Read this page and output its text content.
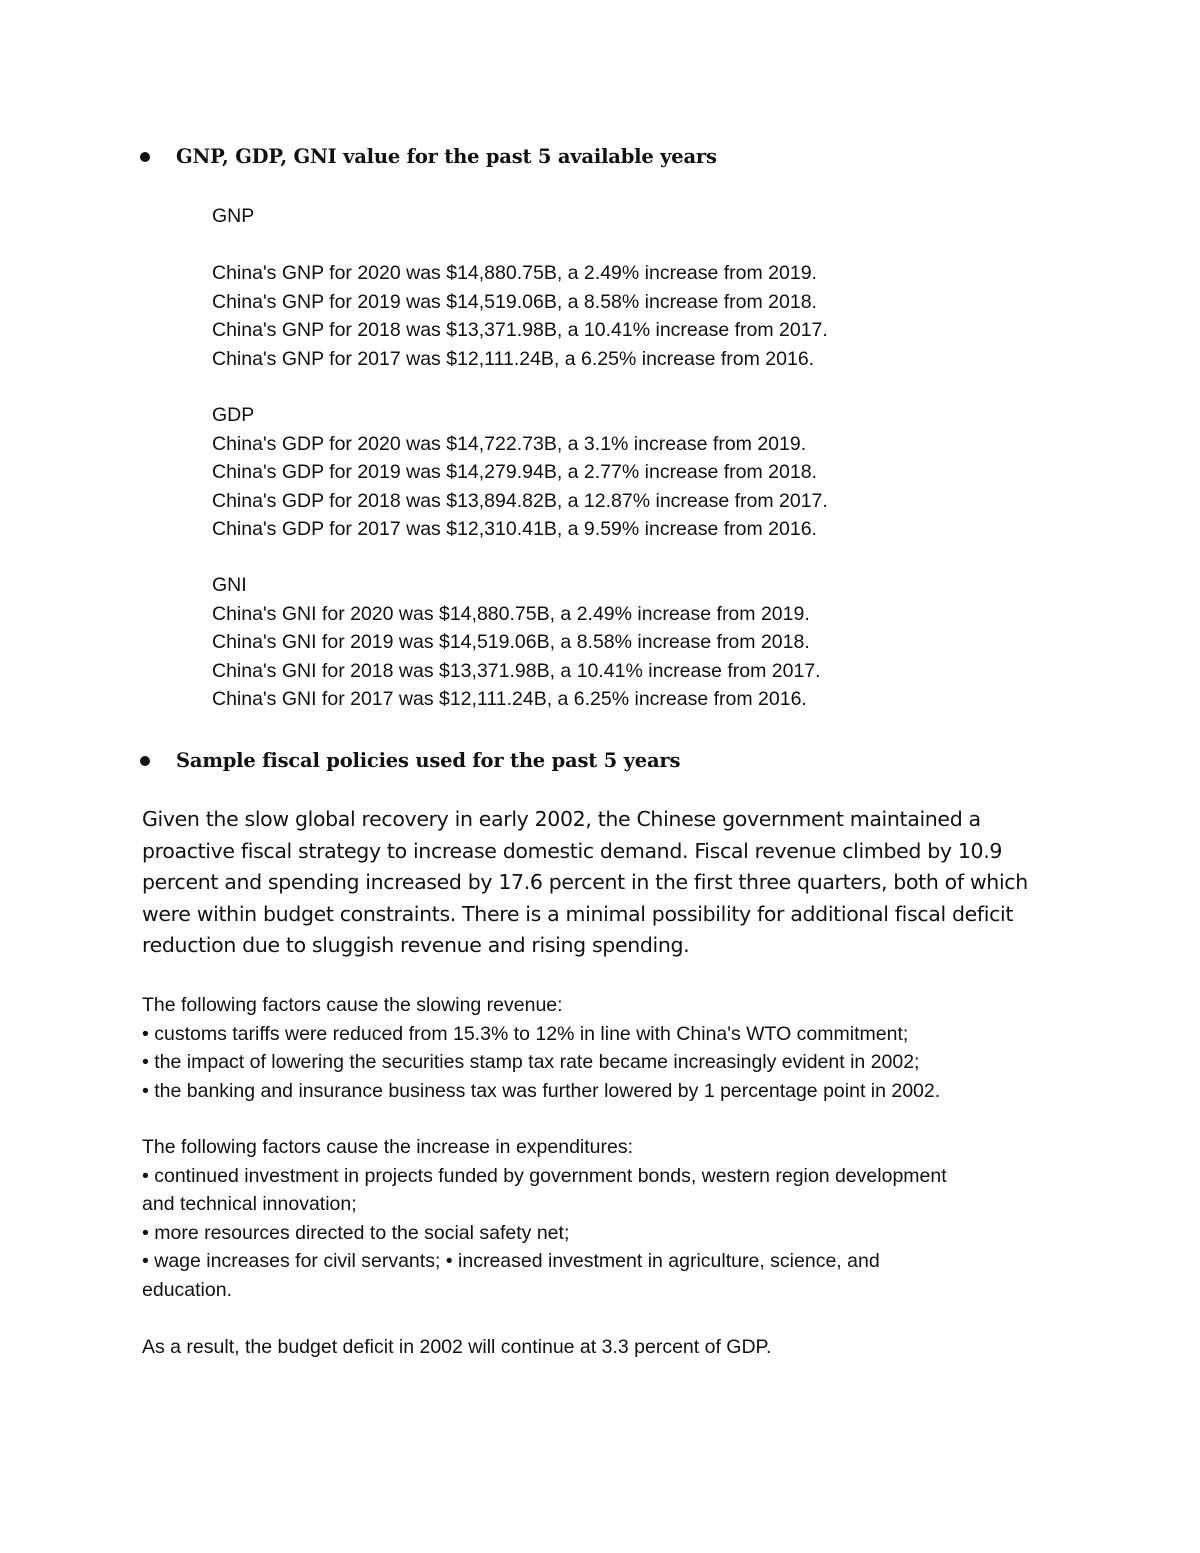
GNP, GDP, GNI value for the past 5 available years
GNP

China's GNP for 2020 was $14,880.75B, a 2.49% increase from 2019.
China's GNP for 2019 was $14,519.06B, a 8.58% increase from 2018.
China's GNP for 2018 was $13,371.98B, a 10.41% increase from 2017.
China's GNP for 2017 was $12,111.24B, a 6.25% increase from 2016.
GDP
China's GDP for 2020 was $14,722.73B, a 3.1% increase from 2019.
China's GDP for 2019 was $14,279.94B, a 2.77% increase from 2018.
China's GDP for 2018 was $13,894.82B, a 12.87% increase from 2017.
China's GDP for 2017 was $12,310.41B, a 9.59% increase from 2016.
GNI
China's GNI for 2020 was $14,880.75B, a 2.49% increase from 2019.
China's GNI for 2019 was $14,519.06B, a 8.58% increase from 2018.
China's GNI for 2018 was $13,371.98B, a 10.41% increase from 2017.
China's GNI for 2017 was $12,111.24B, a 6.25% increase from 2016.
Sample fiscal policies used for the past 5 years
Given the slow global recovery in early 2002, the Chinese government maintained a
proactive fiscal strategy to increase domestic demand. Fiscal revenue climbed by 10.9
percent and spending increased by 17.6 percent in the first three quarters, both of which
were within budget constraints. There is a minimal possibility for additional fiscal deficit
reduction due to sluggish revenue and rising spending.
The following factors cause the slowing revenue:
• customs tariffs were reduced from 15.3% to 12% in line with China's WTO commitment;
• the impact of lowering the securities stamp tax rate became increasingly evident in 2002;
• the banking and insurance business tax was further lowered by 1 percentage point in 2002.
The following factors cause the increase in expenditures:
• continued investment in projects funded by government bonds, western region development
and technical innovation;
• more resources directed to the social safety net;
• wage increases for civil servants; • increased investment in agriculture, science, and
education.
As a result, the budget deficit in 2002 will continue at 3.3 percent of GDP.
